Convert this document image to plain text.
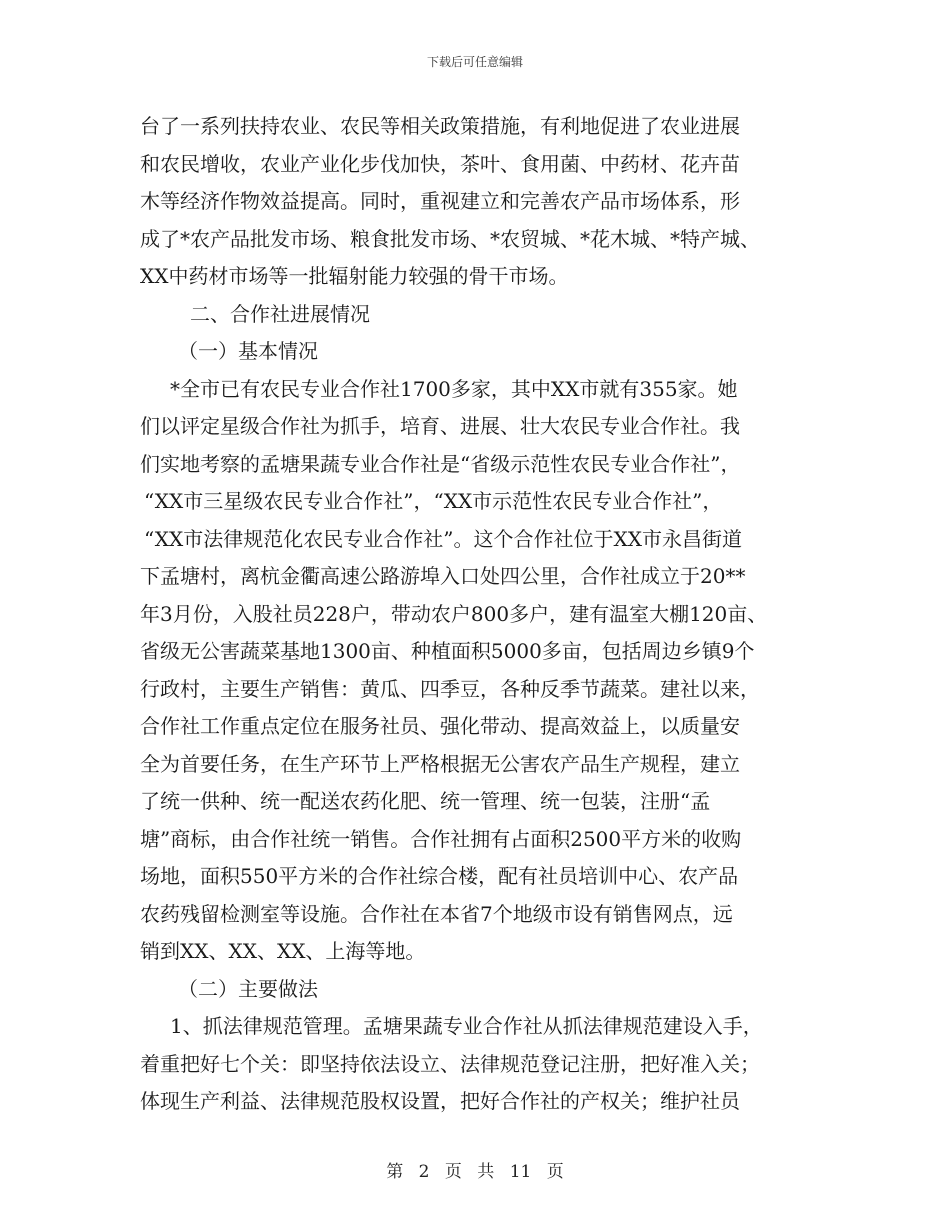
下载后可任意编辑
台了一系列扶持农业、农民等相关政策措施，有利地促进了农业进展
和农民增收，农业产业化步伐加快，茶叶、食用菌、中药材、花卉苗
木等经济作物效益提高。同时，重视建立和完善农产品市场体系，形
成了*农产品批发市场、粮食批发市场、*农贸城、*花木城、*特产城、
XX中药材市场等一批辐射能力较强的骨干市场。
二、合作社进展情况
（一）基本情况
*全市已有农民专业合作社1700多家，其中XX市就有355家。她
们以评定星级合作社为抓手，培育、进展、壮大农民专业合作社。我
们实地考察的孟塘果蔬专业合作社是“省级示范性农民专业合作社”，
“XX市三星级农民专业合作社”，“XX市示范性农民专业合作社”，
“XX市法律规范化农民专业合作社”。这个合作社位于XX市永昌街道
下孟塘村，离杭金衢高速公路游埠入口处四公里，合作社成立于20**
年3月份，入股社员228户，带动农户800多户，建有温室大棚120亩、
省级无公害蔬菜基地1300亩、种植面积5000多亩，包括周边乡镇9个
行政村，主要生产销售：黄瓜、四季豆，各种反季节蔬菜。建社以来，
合作社工作重点定位在服务社员、强化带动、提高效益上，以质量安
全为首要任务，在生产环节上严格根据无公害农产品生产规程，建立
了统一供种、统一配送农药化肥、统一管理、统一包装，注册“孟
塘”商标，由合作社统一销售。合作社拥有占面积2500平方米的收购
场地，面积550平方米的合作社综合楼，配有社员培训中心、农产品
农药残留检测室等设施。合作社在本省7个地级市设有销售网点，远
销到XX、XX、XX、上海等地。
（二）主要做法
1、抓法律规范管理。孟塘果蔬专业合作社从抓法律规范建设入手，
着重把好七个关：即坚持依法设立、法律规范登记注册，把好准入关；
体现生产利益、法律规范股权设置，把好合作社的产权关；维护社员
第 2 页 共 11 页
